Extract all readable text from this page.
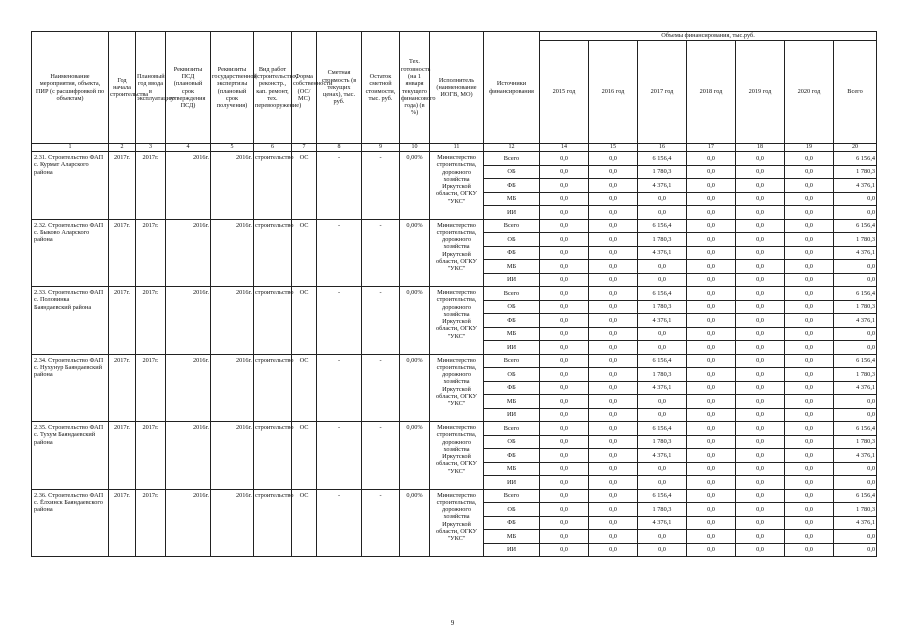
Наименование мероприятия, объекта, ПИР (с расшифровкой по объектам)	Год начала строительства	Плановый год ввода в эксплуатацию	Реквизиты ПСД (плановый срок утверждения ПСД)	Реквизиты государственной экспертизы (плановый срок получения)	Вид работ (строительство, реконстр., кап. ремонт, тех. перевооружение)	Форма собственности (ОС/МС)	Сметная стоимость (в текущих ценах), тыс. руб.	Остаток сметной стоимости, тыс. руб.	Тех. готовность (на 1 января текущего финансового года) (в %)	Исполнитель (наименование ИОГВ, МО)	Источники финансирования	Объемы финансирования, тыс.руб.						
												2015 год	2016 год	2017 год	2018 год	2019 год	2020 год	Всего
1	2	3	4	5	6	7	8	9	10	11	12	14	15	16	17	18	19	20
2.31. Строительство ФАП с. Курмат Аларского района	2017г.	2017г.	2016г.	2016г.	строительство	ОС	-	-	0,00%	Министерство строительства, дорожного хозяйства Иркутской области, ОГКУ "УКС"	Всего	0,0	0,0	6 156,4	0,0	0,0	0,0	6 156,4
											ОБ	0,0	0,0	1 780,3	0,0	0,0	0,0	1 780,3
											ФБ	0,0	0,0	4 376,1	0,0	0,0	0,0	4 376,1
											МБ	0,0	0,0	0,0	0,0	0,0	0,0	0,0
											ИИ	0,0	0,0	0,0	0,0	0,0	0,0	0,0
2.32. Строительство ФАП с. Быково Аларского района	2017г.	2017г.	2016г.	2016г.	строительство	ОС	-	-	0,00%	Министерство строительства, дорожного хозяйства Иркутской области, ОГКУ "УКС"	Всего	0,0	0,0	6 156,4	0,0	0,0	0,0	6 156,4
											ОБ	0,0	0,0	1 780,3	0,0	0,0	0,0	1 780,3
											ФБ	0,0	0,0	4 376,1	0,0	0,0	0,0	4 376,1
											МБ	0,0	0,0	0,0	0,0	0,0	0,0	0,0
											ИИ	0,0	0,0	0,0	0,0	0,0	0,0	0,0
2.33. Строительство ФАП с. Половинка Баяндаевский района	2017г.	2017г.	2016г.	2016г.	строительство	ОС	-	-	0,00%	Министерство строительства, дорожного хозяйства Иркутской области, ОГКУ "УКС"	Всего	0,0	0,0	6 156,4	0,0	0,0	0,0	6 156,4
											ОБ	0,0	0,0	1 780,3	0,0	0,0	0,0	1 780,3
											ФБ	0,0	0,0	4 376,1	0,0	0,0	0,0	4 376,1
											МБ	0,0	0,0	0,0	0,0	0,0	0,0	0,0
											ИИ	0,0	0,0	0,0	0,0	0,0	0,0	0,0
2.34. Строительство ФАП с. Нухунур Баяндаевский района	2017г.	2017г.	2016г.	2016г.	строительство	ОС	-	-	0,00%	Министерство строительства, дорожного хозяйства Иркутской области, ОГКУ "УКС"	Всего	0,0	0,0	6 156,4	0,0	0,0	0,0	6 156,4
											ОБ	0,0	0,0	1 780,3	0,0	0,0	0,0	1 780,3
											ФБ	0,0	0,0	4 376,1	0,0	0,0	0,0	4 376,1
											МБ	0,0	0,0	0,0	0,0	0,0	0,0	0,0
											ИИ	0,0	0,0	0,0	0,0	0,0	0,0	0,0
2.35. Строительство ФАП с. Тухум Баяндаевский района	2017г.	2017г.	2016г.	2016г.	строительство	ОС	-	-	0,00%	Министерство строительства, дорожного хозяйства Иркутской области, ОГКУ "УКС"	Всего	0,0	0,0	6 156,4	0,0	0,0	0,0	6 156,4
											ОБ	0,0	0,0	1 780,3	0,0	0,0	0,0	1 780,3
											ФБ	0,0	0,0	4 376,1	0,0	0,0	0,0	4 376,1
											МБ	0,0	0,0	0,0	0,0	0,0	0,0	0,0
											ИИ	0,0	0,0	0,0	0,0	0,0	0,0	0,0
2.36. Строительство ФАП с. Ёлхинск Баяндаевского района	2017г.	2017г.	2016г.	2016г.	строительство	ОС	-	-	0,00%	Министерство строительства, дорожного хозяйства Иркутской области, ОГКУ "УКС"	Всего	0,0	0,0	6 156,4	0,0	0,0	0,0	6 156,4
											ОБ	0,0	0,0	1 780,3	0,0	0,0	0,0	1 780,3
											ФБ	0,0	0,0	4 376,1	0,0	0,0	0,0	4 376,1
											МБ	0,0	0,0	0,0	0,0	0,0	0,0	0,0
											ИИ	0,0	0,0	0,0	0,0	0,0	0,0	0,0
9
